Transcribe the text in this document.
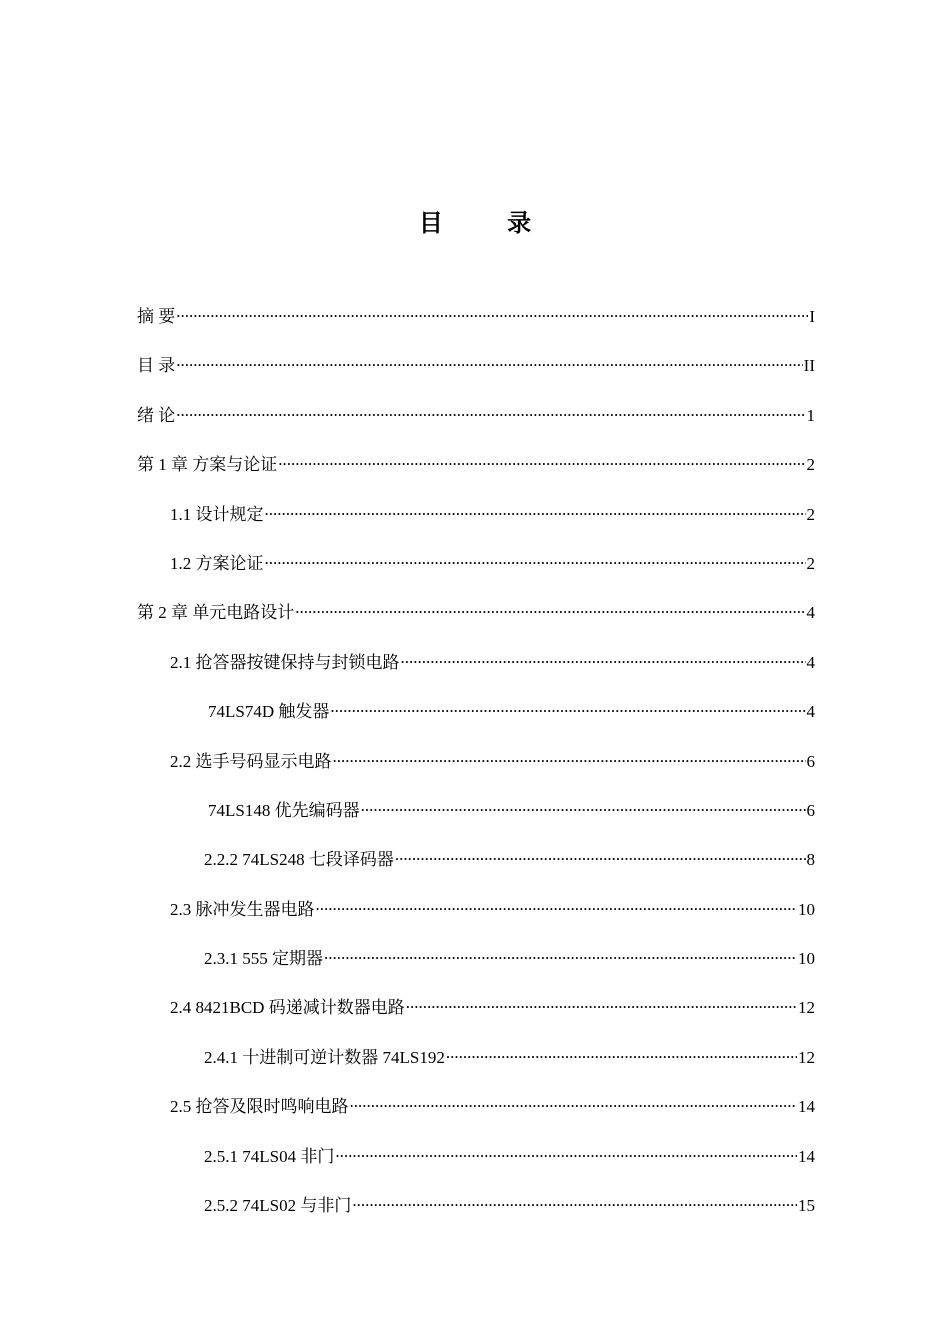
目 录
摘 要 .....	I
目 录 .....	II
绪 论 .....	1
第 1 章 方案与论证 .....	2
1.1 设计规定 .....	2
1.2 方案论证 .....	2
第 2 章 单元电路设计 .....	4
2.1 抢答器按键保持与封锁电路 .....	4
74LS74D 触发器 .....	4
2.2 选手号码显示电路 .....	6
74LS148 优先编码器 .....	6
2.2.2 74LS248 七段译码器 .....	8
2.3 脉冲发生器电路 .....	10
2.3.1 555 定期器 .....	10
2.4 8421BCD 码递减计数器电路 .....	12
2.4.1 十进制可逆计数器 74LS192 .....	12
2.5 抢答及限时鸣响电路 .....	14
2.5.1 74LS04 非门 .....	14
2.5.2 74LS02 与非门 .....	15
